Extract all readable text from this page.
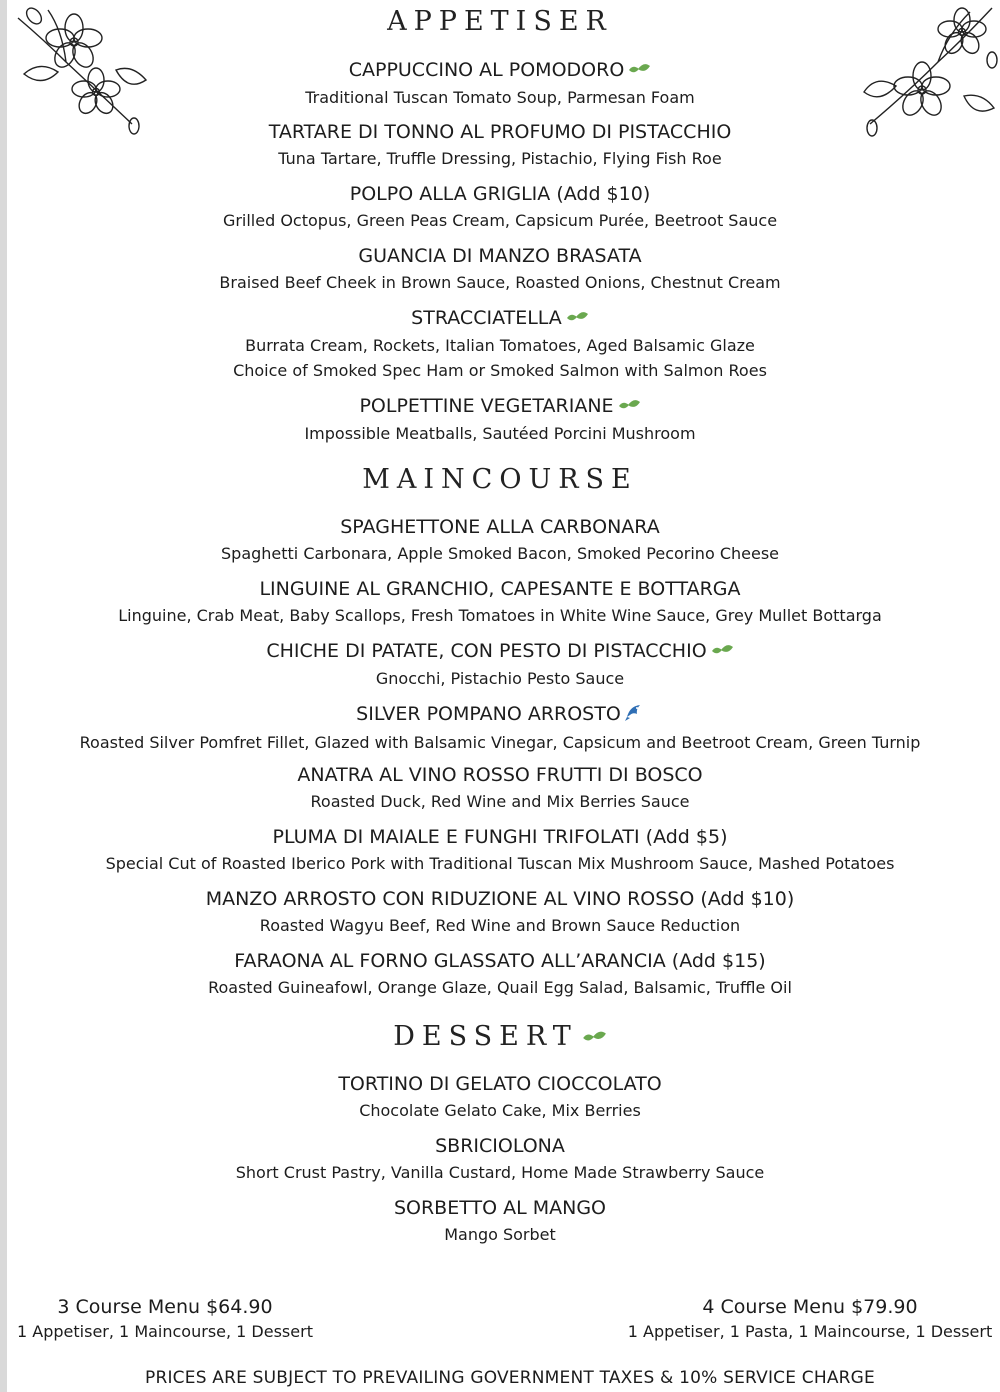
APPETISER
CAPPUCCINO AL POMODORO
Traditional Tuscan Tomato Soup, Parmesan Foam
TARTARE DI TONNO AL PROFUMO DI PISTACCHIO
Tuna Tartare, Truffle Dressing, Pistachio, Flying Fish Roe
POLPO ALLA GRIGLIA (Add $10)
Grilled Octopus, Green Peas Cream, Capsicum Purée, Beetroot Sauce
GUANCIA DI MANZO BRASATA
Braised Beef Cheek in Brown Sauce, Roasted Onions, Chestnut Cream
STRACCIATELLA
Burrata Cream, Rockets, Italian Tomatoes, Aged Balsamic Glaze
Choice of Smoked Spec Ham or Smoked Salmon with Salmon Roes
POLPETTINE VEGETARIANE
Impossible Meatballs, Sautéed Porcini Mushroom
MAINCOURSE
SPAGHETTONE ALLA CARBONARA
Spaghetti Carbonara, Apple Smoked Bacon, Smoked Pecorino Cheese
LINGUINE AL GRANCHIO, CAPESANTE E BOTTARGA
Linguine, Crab Meat, Baby Scallops, Fresh Tomatoes in White Wine Sauce, Grey Mullet Bottarga
CHICHE DI PATATE, CON PESTO DI PISTACCHIO
Gnocchi, Pistachio Pesto Sauce
SILVER POMPANO ARROSTO
Roasted Silver Pomfret Fillet, Glazed with Balsamic Vinegar, Capsicum and Beetroot Cream, Green Turnip
ANATRA AL VINO ROSSO FRUTTI DI BOSCO
Roasted Duck, Red Wine and Mix Berries Sauce
PLUMA DI MAIALE E FUNGHI TRIFOLATI (Add $5)
Special Cut of Roasted Iberico Pork with Traditional Tuscan Mix Mushroom Sauce, Mashed Potatoes
MANZO ARROSTO CON RIDUZIONE AL VINO ROSSO (Add $10)
Roasted Wagyu Beef, Red Wine and Brown Sauce Reduction
FARAONA AL FORNO GLASSATO ALL’ARANCIA (Add $15)
Roasted Guineafowl, Orange Glaze, Quail Egg Salad, Balsamic, Truffle Oil
DESSERT
TORTINO DI GELATO CIOCCOLATO
Chocolate Gelato Cake, Mix Berries
SBRICIOLONA
Short Crust Pastry, Vanilla Custard, Home Made Strawberry Sauce
SORBETTO AL MANGO
Mango Sorbet
3 Course Menu $64.90
1 Appetiser, 1 Maincourse, 1 Dessert
4 Course Menu $79.90
1 Appetiser, 1 Pasta, 1 Maincourse, 1 Dessert
PRICES ARE SUBJECT TO PREVAILING GOVERNMENT TAXES & 10% SERVICE CHARGE
